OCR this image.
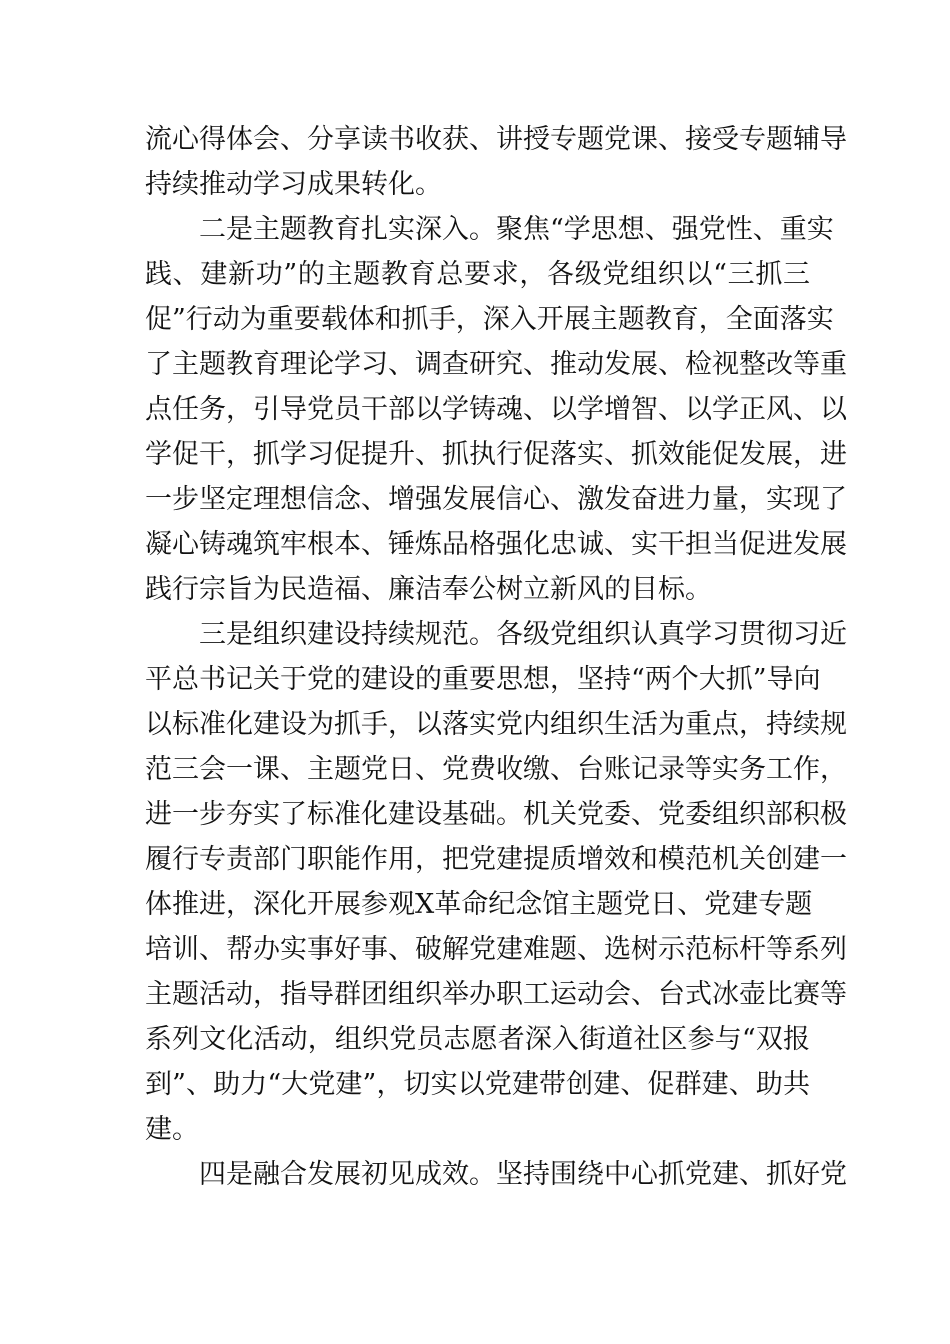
流心得体会、分享读书收获、讲授专题党课、接受专题辅导

持续推动学习成果转化。

二是主题教育扎实深入。聚焦“学思想、强党性、重实

践、建新功”的主题教育总要求，各级党组织以“三抓三

促”行动为重要载体和抓手，深入开展主题教育，全面落实

了主题教育理论学习、调查研究、推动发展、检视整改等重

点任务，引导党员干部以学铸魂、以学增智、以学正风、以

学促干，抓学习促提升、抓执行促落实、抓效能促发展，进

一步坚定理想信念、增强发展信心、激发奋进力量，实现了

凝心铸魂筑牢根本、锤炼品格强化忠诚、实干担当促进发展

践行宗旨为民造福、廉洁奉公树立新风的目标。

三是组织建设持续规范。各级党组织认真学习贯彻习近

平总书记关于党的建设的重要思想，坚持“两个大抓”导向

以标准化建设为抓手，以落实党内组织生活为重点，持续规

范三会一课、主题党日、党费收缴、台账记录等实务工作，

进一步夯实了标准化建设基础。机关党委、党委组织部积极

履行专责部门职能作用，把党建提质增效和模范机关创建一

体推进，深化开展参观X革命纪念馆主题党日、党建专题

培训、帮办实事好事、破解党建难题、选树示范标杆等系列

主题活动，指导群团组织举办职工运动会、台式冰壶比赛等

系列文化活动，组织党员志愿者深入街道社区参与“双报

到”、助力“大党建”，切实以党建带创建、促群建、助共

建。

四是融合发展初见成效。坚持围绕中心抓党建、抓好党
